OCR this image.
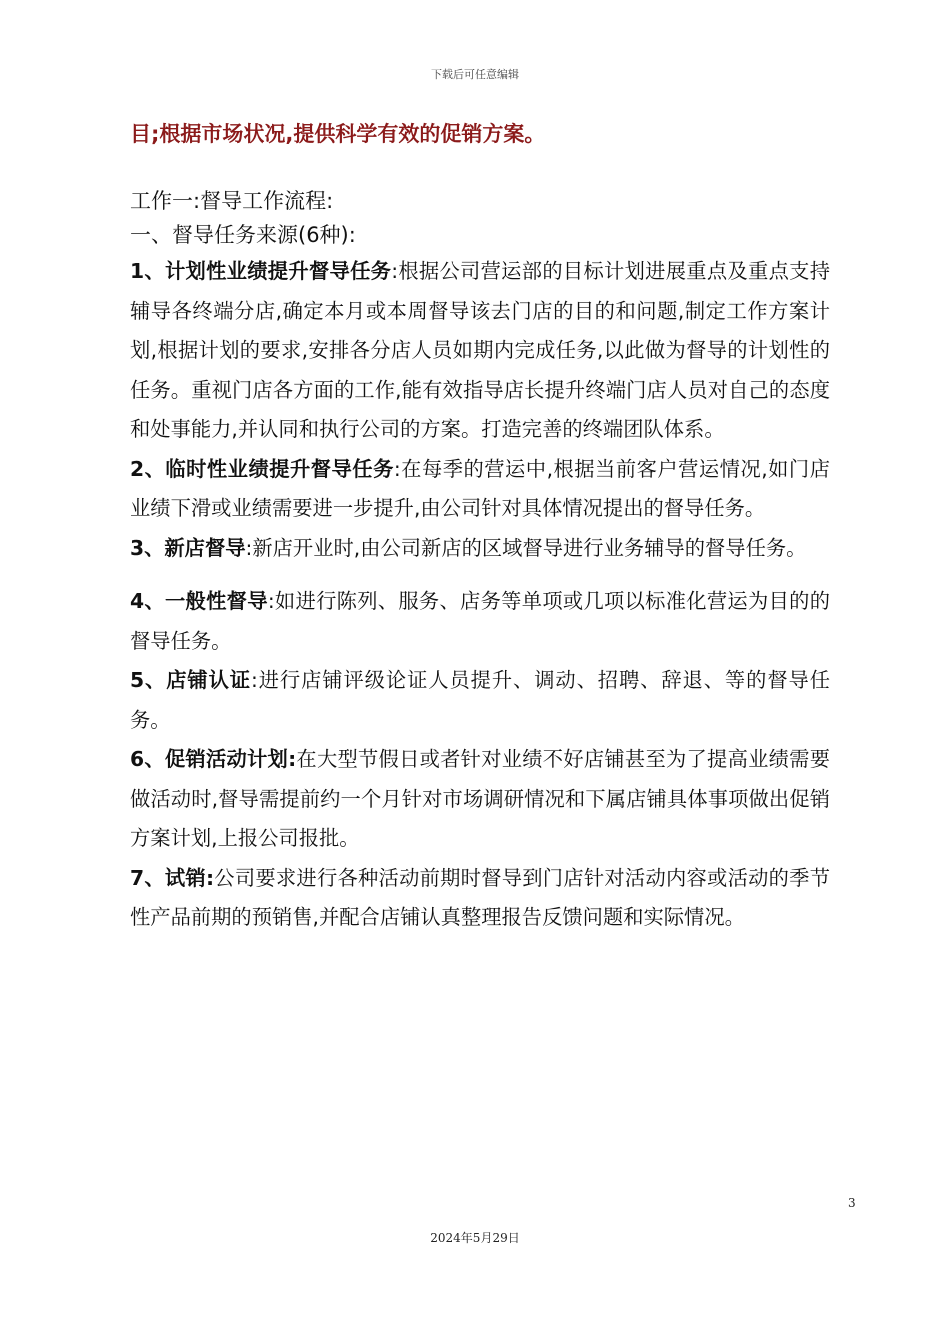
下载后可任意编辑

目;根据市场状况,提供科学有效的促销方案。

工作一:督导工作流程:

一、督导任务来源(6种):

1、计划性业绩提升督导任务:根据公司营运部的目标计划进展重点及重点支持辅导各终端分店,确定本月或本周督导该去门店的目的和问题,制定工作方案计划,根据计划的要求,安排各分店人员如期内完成任务,以此做为督导的计划性的任务。重视门店各方面的工作,能有效指导店长提升终端门店人员对自己的态度和处事能力,并认同和执行公司的方案。打造完善的终端团队体系。

2、临时性业绩提升督导任务:在每季的营运中,根据当前客户营运情况,如门店业绩下滑或业绩需要进一步提升,由公司针对具体情况提出的督导任务。

3、新店督导:新店开业时,由公司新店的区域督导进行业务辅导的督导任务。

4、一般性督导:如进行陈列、服务、店务等单项或几项以标准化营运为目的的督导任务。

5、店铺认证:进行店铺评级论证人员提升、调动、招聘、辞退、等的督导任务。

6、促销活动计划:在大型节假日或者针对业绩不好店铺甚至为了提高业绩需要做活动时,督导需提前约一个月针对市场调研情况和下属店铺具体事项做出促销方案计划,上报公司报批。

7、试销:公司要求进行各种活动前期时督导到门店针对活动内容或活动的季节性产品前期的预销售,并配合店铺认真整理报告反馈问题和实际情况。

3
2024年5月29日
